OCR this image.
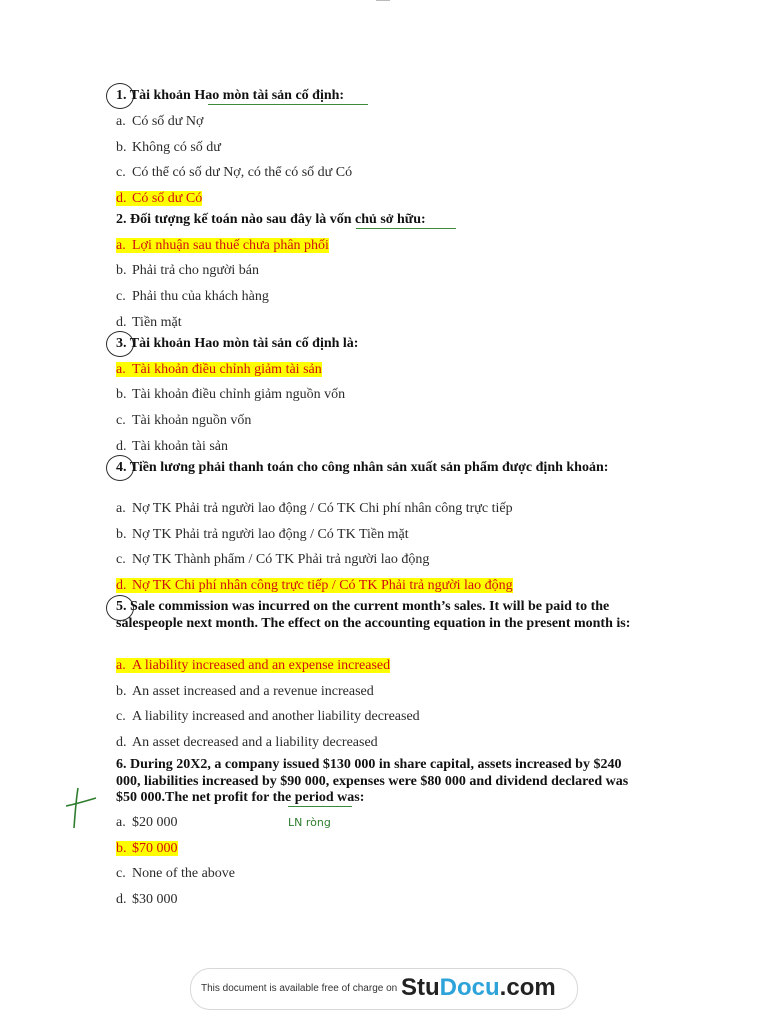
1. Tài khoản Hao mòn tài sản cố định:
a. Có số dư Nợ
b. Không có số dư
c. Có thể có số dư Nợ, có thể có số dư Có
d. Có số dư Có
2. Đối tượng kế toán nào sau đây là vốn chủ sở hữu:
a. Lợi nhuận sau thuế chưa phân phối
b. Phải trả cho người bán
c. Phải thu của khách hàng
d. Tiền mặt
3. Tài khoản Hao mòn tài sản cố định là:
a. Tài khoản điều chỉnh giảm tài sản
b. Tài khoản điều chỉnh giảm nguồn vốn
c. Tài khoản nguồn vốn
d. Tài khoản tài sản
4. Tiền lương phải thanh toán cho công nhân sản xuất sản phẩm được định khoản:
a. Nợ TK Phải trả người lao động / Có TK Chi phí nhân công trực tiếp
b. Nợ TK Phải trả người lao động / Có TK Tiền mặt
c. Nợ TK Thành phẩm / Có TK Phải trả người lao động
d. Nợ TK Chi phí nhân công trực tiếp / Có TK Phải trả người lao động
5. Sale commission was incurred on the current month’s sales. It will be paid to the salespeople next month. The effect on the accounting equation in the present month is:
a. A liability increased and an expense increased
b. An asset increased and a revenue increased
c. A liability increased and another liability decreased
d. An asset decreased and a liability decreased
6. During 20X2, a company issued $130 000 in share capital, assets increased by $240 000, liabilities increased by $90 000, expenses were $80 000 and dividend declared was $50 000.The net profit for the period was:
a. $20 000
b. $70 000
c. None of the above
d. $30 000
LN ròng
This document is available free of charge on StuDocu.com
